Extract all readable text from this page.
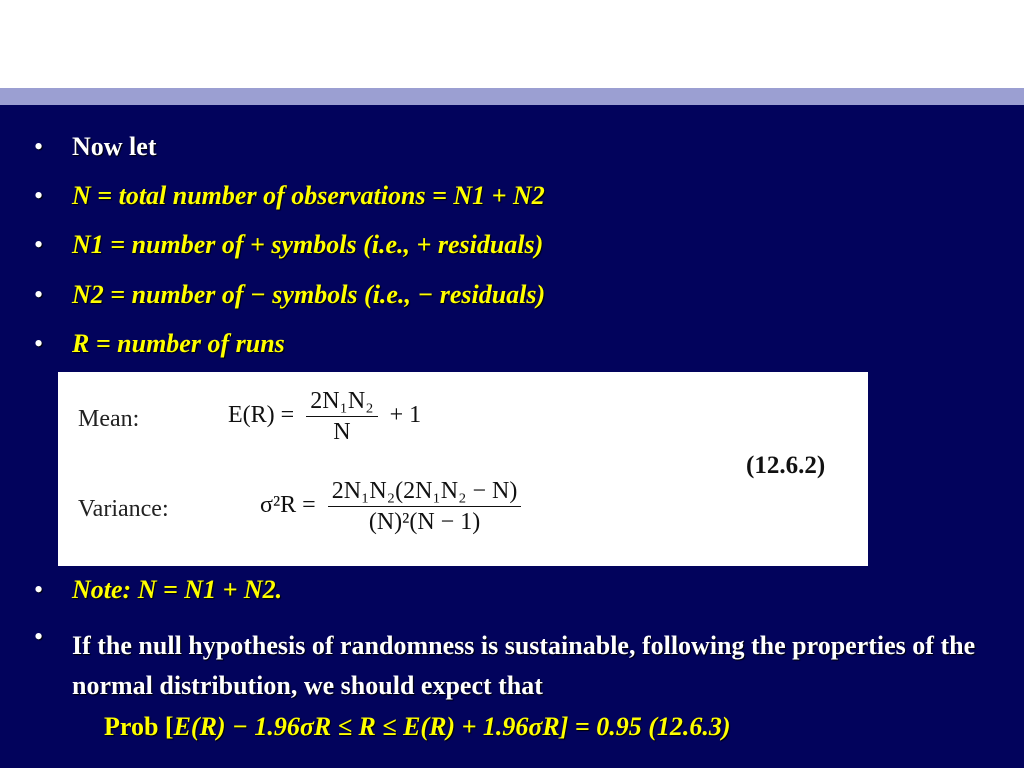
• Now let
• N = total number of observations = N1 + N2
• N1 = number of + symbols (i.e., + residuals)
• N2 = number of − symbols (i.e., − residuals)
• R = number of runs
Mean:	$E(R) = \frac{\text{2N₁N₂}}{N} + 1$
Variance:	$\sigma^2R = \frac{\text{2N₁N₂(2N₁N₂ − N)}}{\text{(N)²(N − 1)}}$
(12.6.2)
• Note: N = N1 + N2.
• If the null hypothesis of randomness is sustainable, following the properties of the normal distribution, we should expect that
Prob [E(R) − 1.96σR ≤ R ≤ E(R) + 1.96σR] = 0.95 (12.6.3)
